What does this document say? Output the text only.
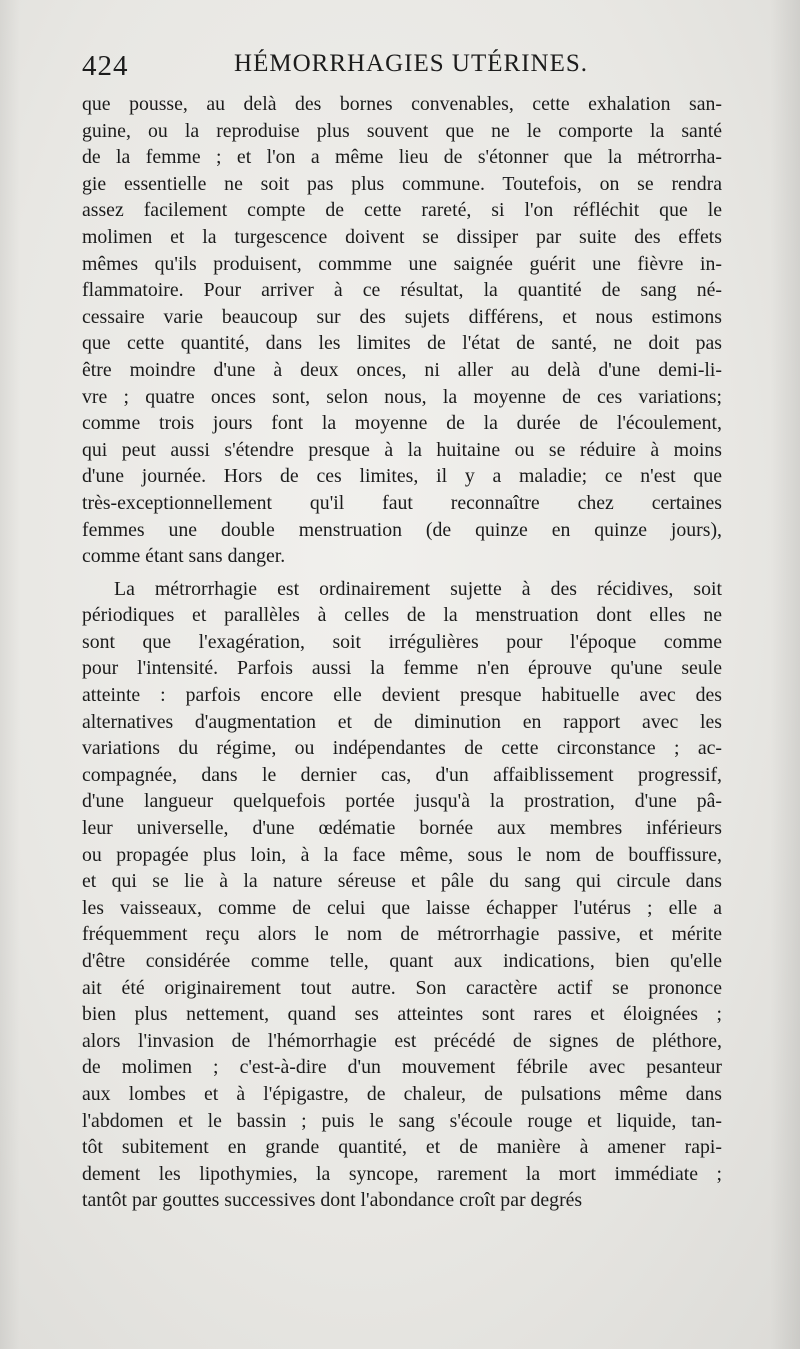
424	HÉMORRHAGIES UTÉRINES.
que pousse, au delà des bornes convenables, cette exhalation san-
guine, ou la reproduise plus souvent que ne le comporte la santé
de la femme ; et l'on a même lieu de s'étonner que la métrorrha-
gie essentielle ne soit pas plus commune. Toutefois, on se rendra
assez facilement compte de cette rareté, si l'on réfléchit que le
molimen et la turgescence doivent se dissiper par suite des effets
mêmes qu'ils produisent, commme une saignée guérit une fièvre in-
flammatoire. Pour arriver à ce résultat, la quantité de sang né-
cessaire varie beaucoup sur des sujets différens, et nous estimons
que cette quantité, dans les limites de l'état de santé, ne doit pas
être moindre d'une à deux onces, ni aller au delà d'une demi-li-
vre ; quatre onces sont, selon nous, la moyenne de ces variations;
comme trois jours font la moyenne de la durée de l'écoulement,
qui peut aussi s'étendre presque à la huitaine ou se réduire à moins
d'une journée. Hors de ces limites, il y a maladie; ce n'est que
très-exceptionnellement qu'il faut reconnaître chez certaines
femmes une double menstruation (de quinze en quinze jours),
comme étant sans danger.
La métrorrhagie est ordinairement sujette à des récidives, soit
périodiques et parallèles à celles de la menstruation dont elles ne
sont que l'exagération, soit irrégulières pour l'époque comme
pour l'intensité. Parfois aussi la femme n'en éprouve qu'une seule
atteinte : parfois encore elle devient presque habituelle avec des
alternatives d'augmentation et de diminution en rapport avec les
variations du régime, ou indépendantes de cette circonstance ; ac-
compagnée, dans le dernier cas, d'un affaiblissement progressif,
d'une langueur quelquefois portée jusqu'à la prostration, d'une pâ-
leur universelle, d'une œdématie bornée aux membres inférieurs
ou propagée plus loin, à la face même, sous le nom de bouffissure,
et qui se lie à la nature séreuse et pâle du sang qui circule dans
les vaisseaux, comme de celui que laisse échapper l'utérus ; elle a
fréquemment reçu alors le nom de métrorrhagie passive, et mérite
d'être considérée comme telle, quant aux indications, bien qu'elle
ait été originairement tout autre. Son caractère actif se prononce
bien plus nettement, quand ses atteintes sont rares et éloignées ;
alors l'invasion de l'hémorrhagie est précédé de signes de pléthore,
de molimen ; c'est-à-dire d'un mouvement fébrile avec pesanteur
aux lombes et à l'épigastre, de chaleur, de pulsations même dans
l'abdomen et le bassin ; puis le sang s'écoule rouge et liquide, tan-
tôt subitement en grande quantité, et de manière à amener rapi-
dement les lipothymies, la syncope, rarement la mort immédiate ;
tantôt par gouttes successives dont l'abondance croît par degrés
